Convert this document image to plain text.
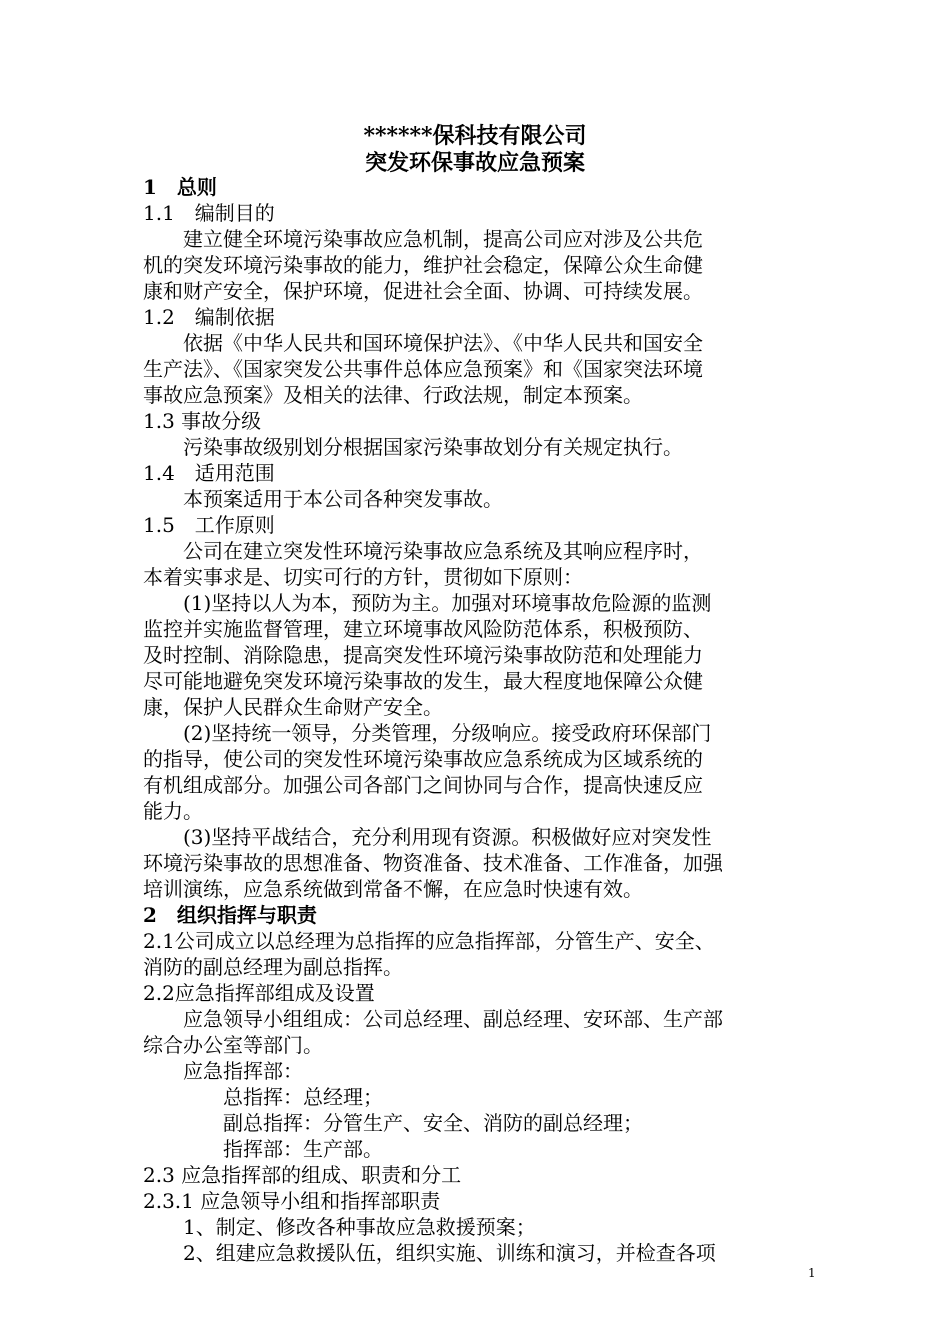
******保科技有限公司
突发环保事故应急预案
1　总则
1.1　编制目的
　　建立健全环境污染事故应急机制，提高公司应对涉及公共危
机的突发环境污染事故的能力，维护社会稳定，保障公众生命健
康和财产安全，保护环境，促进社会全面、协调、可持续发展。
1.2　编制依据
　　依据《中华人民共和国环境保护法》、《中华人民共和国安全
生产法》、《国家突发公共事件总体应急预案》和《国家突法环境
事故应急预案》及相关的法律、行政法规，制定本预案。
1.3 事故分级
　　污染事故级别划分根据国家污染事故划分有关规定执行。
1.4　适用范围
　　本预案适用于本公司各种突发事故。
1.5　工作原则
　　公司在建立突发性环境污染事故应急系统及其响应程序时，
本着实事求是、切实可行的方针，贯彻如下原则：
　　(1)坚持以人为本，预防为主。加强对环境事故危险源的监测
监控并实施监督管理，建立环境事故风险防范体系，积极预防、
及时控制、消除隐患，提高突发性环境污染事故防范和处理能力
尽可能地避免突发环境污染事故的发生，最大程度地保障公众健
康，保护人民群众生命财产安全。
　　(2)坚持统一领导，分类管理，分级响应。接受政府环保部门
的指导，使公司的突发性环境污染事故应急系统成为区域系统的
有机组成部分。加强公司各部门之间协同与合作，提高快速反应
能力。
　　(3)坚持平战结合，充分利用现有资源。积极做好应对突发性
环境污染事故的思想准备、物资准备、技术准备、工作准备，加强
培训演练，应急系统做到常备不懈，在应急时快速有效。
2　组织指挥与职责
2.1公司成立以总经理为总指挥的应急指挥部，分管生产、安全、
消防的副总经理为副总指挥。
2.2应急指挥部组成及设置
　　应急领导小组组成：公司总经理、副总经理、安环部、生产部
综合办公室等部门。
　　应急指挥部：
　　　　总指挥：总经理；
　　　　副总指挥：分管生产、安全、消防的副总经理；
　　　　指挥部：生产部。
2.3 应急指挥部的组成、职责和分工
2.3.1 应急领导小组和指挥部职责
　　1、制定、修改各种事故应急救援预案；
　　2、组建应急救援队伍，组织实施、训练和演习，并检查各项
1
